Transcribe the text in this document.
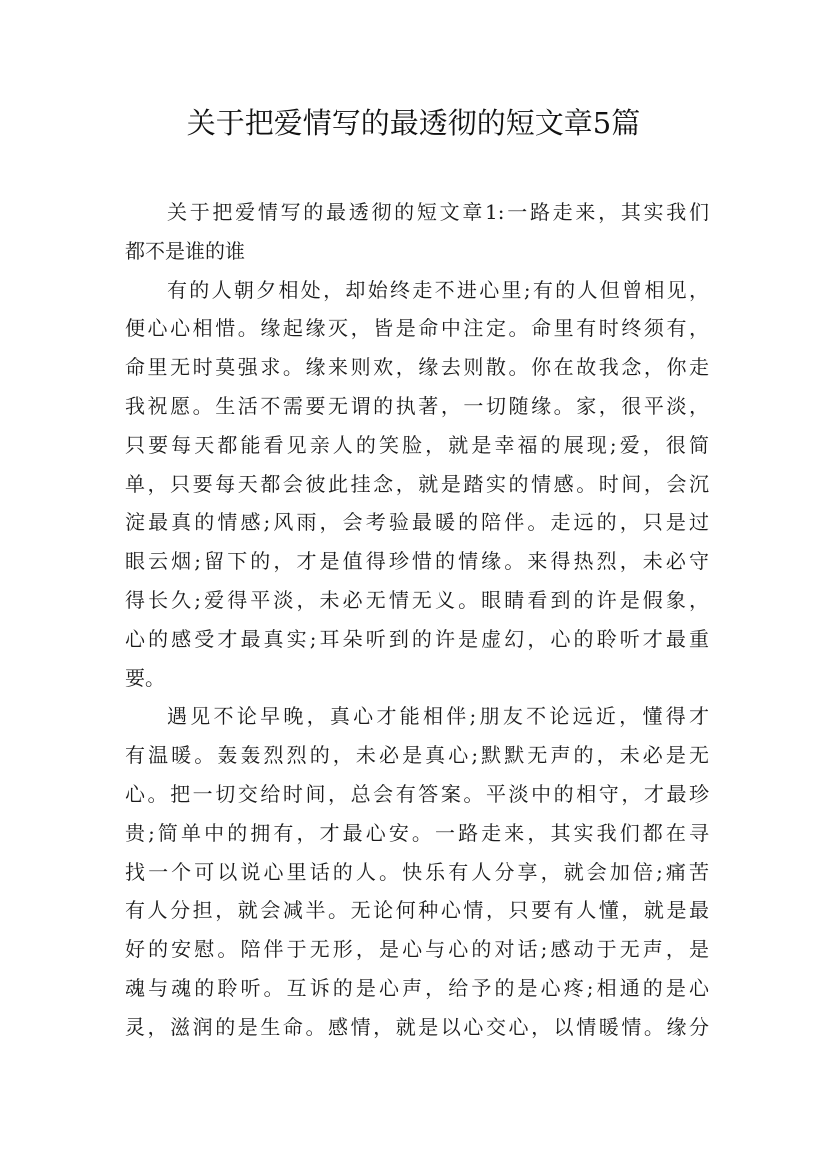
关于把爱情写的最透彻的短文章5篇
关于把爱情写的最透彻的短文章1:一路走来，其实我们
都不是谁的谁
有的人朝夕相处，却始终走不进心里;有的人但曾相见，
便心心相惜。缘起缘灭，皆是命中注定。命里有时终须有，
命里无时莫强求。缘来则欢，缘去则散。你在故我念，你走
我祝愿。生活不需要无谓的执著，一切随缘。家，很平淡，
只要每天都能看见亲人的笑脸，就是幸福的展现;爱，很简
单，只要每天都会彼此挂念，就是踏实的情感。时间，会沉
淀最真的情感;风雨，会考验最暖的陪伴。走远的，只是过
眼云烟;留下的，才是值得珍惜的情缘。来得热烈，未必守
得长久;爱得平淡，未必无情无义。眼睛看到的许是假象，
心的感受才最真实;耳朵听到的许是虚幻，心的聆听才最重
要。
遇见不论早晚，真心才能相伴;朋友不论远近，懂得才
有温暖。轰轰烈烈的，未必是真心;默默无声的，未必是无
心。把一切交给时间，总会有答案。平淡中的相守，才最珍
贵;简单中的拥有，才最心安。一路走来，其实我们都在寻
找一个可以说心里话的人。快乐有人分享，就会加倍;痛苦
有人分担，就会减半。无论何种心情，只要有人懂，就是最
好的安慰。陪伴于无形，是心与心的对话;感动于无声，是
魂与魂的聆听。互诉的是心声，给予的是心疼;相通的是心
灵，滋润的是生命。感情，就是以心交心，以情暖情。缘分
